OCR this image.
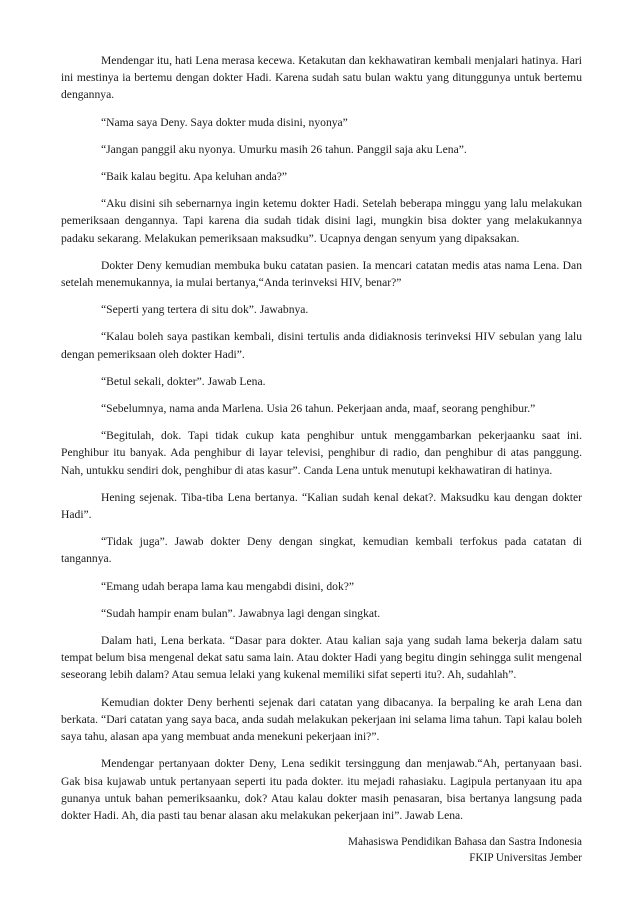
Mendengar itu, hati Lena merasa kecewa. Ketakutan dan kekhawatiran kembali menjalari hatinya. Hari ini mestinya ia bertemu dengan dokter Hadi. Karena sudah satu bulan waktu yang ditunggunya untuk bertemu dengannya.

“Nama saya Deny. Saya dokter muda disini, nyonya”

“Jangan panggil aku nyonya. Umurku masih 26 tahun. Panggil saja aku Lena”.

“Baik kalau begitu. Apa keluhan anda?”

“Aku disini sih sebernarnya ingin ketemu dokter Hadi. Setelah beberapa minggu yang lalu melakukan pemeriksaan dengannya. Tapi karena dia sudah tidak disini lagi, mungkin bisa dokter yang melakukannya padaku sekarang. Melakukan pemeriksaan maksudku”. Ucapnya dengan senyum yang dipaksakan.

Dokter Deny kemudian membuka buku catatan pasien. Ia mencari catatan medis atas nama Lena. Dan setelah menemukannya, ia mulai bertanya,“Anda terinveksi HIV, benar?”

“Seperti yang tertera di situ dok”. Jawabnya.

“Kalau boleh saya pastikan kembali, disini tertulis anda didiaknosis terinveksi HIV sebulan yang lalu dengan pemeriksaan oleh dokter Hadi”.

“Betul sekali, dokter”. Jawab Lena.

“Sebelumnya, nama anda Marlena. Usia 26 tahun. Pekerjaan anda, maaf, seorang penghibur.”

“Begitulah, dok. Tapi tidak cukup kata penghibur untuk menggambarkan pekerjaanku saat ini. Penghibur itu banyak. Ada penghibur di layar televisi, penghibur di radio, dan penghibur di atas panggung. Nah, untukku sendiri dok, penghibur di atas kasur”. Canda Lena untuk menutupi kekhawatiran di hatinya.

Hening sejenak. Tiba-tiba Lena bertanya. “Kalian sudah kenal dekat?. Maksudku kau dengan dokter Hadi”.

“Tidak juga”. Jawab dokter Deny dengan singkat, kemudian kembali terfokus pada catatan di tangannya.

“Emang udah berapa lama kau mengabdi disini, dok?”

“Sudah hampir enam bulan”. Jawabnya lagi dengan singkat.

Dalam hati, Lena berkata. “Dasar para dokter. Atau kalian saja yang sudah lama bekerja dalam satu tempat belum bisa mengenal dekat satu sama lain. Atau dokter Hadi yang begitu dingin sehingga sulit mengenal seseorang lebih dalam? Atau semua lelaki yang kukenal memiliki sifat seperti itu?. Ah, sudahlah”.

Kemudian dokter Deny berhenti sejenak dari catatan yang dibacanya. Ia berpaling ke arah Lena dan berkata. “Dari catatan yang saya baca, anda sudah melakukan pekerjaan ini selama lima tahun. Tapi kalau boleh saya tahu, alasan apa yang membuat anda menekuni pekerjaan ini?”.

Mendengar pertanyaan dokter Deny, Lena sedikit tersinggung dan menjawab.“Ah, pertanyaan basi. Gak bisa kujawab untuk pertanyaan seperti itu pada dokter. itu mejadi rahasiaku. Lagipula pertanyaan itu apa gunanya untuk bahan pemeriksaanku, dok? Atau kalau dokter masih penasaran, bisa bertanya langsung pada dokter Hadi. Ah, dia pasti tau benar alasan aku melakukan pekerjaan ini”. Jawab Lena.

Mahasiswa Pendidikan Bahasa dan Sastra Indonesia
FKIP Universitas Jember
